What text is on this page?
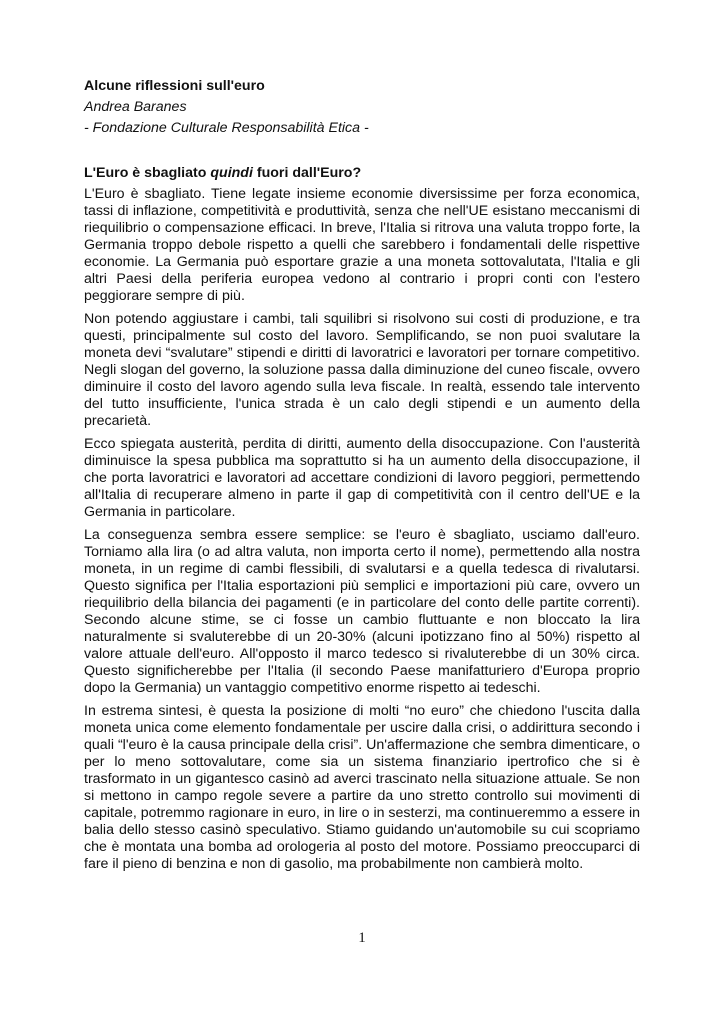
Alcune riflessioni sull'euro
Andrea Baranes
- Fondazione Culturale Responsabilità Etica -
L'Euro è sbagliato quindi fuori dall'Euro?

L'Euro è sbagliato. Tiene legate insieme economie diversissime per forza economica, tassi di inflazione, competitività e produttività, senza che nell'UE esistano meccanismi di riequilibrio o compensazione efficaci. In breve, l'Italia si ritrova una valuta troppo forte, la Germania troppo debole rispetto a quelli che sarebbero i fondamentali delle rispettive economie. La Germania può esportare grazie a una moneta sottovalutata, l'Italia e gli altri Paesi della periferia europea vedono al contrario i propri conti con l'estero peggiorare sempre di più.

Non potendo aggiustare i cambi, tali squilibri si risolvono sui costi di produzione, e tra questi, principalmente sul costo del lavoro. Semplificando, se non puoi svalutare la moneta devi “svalutare” stipendi e diritti di lavoratrici e lavoratori per tornare competitivo. Negli slogan del governo, la soluzione passa dalla diminuzione del cuneo fiscale, ovvero diminuire il costo del lavoro agendo sulla leva fiscale. In realtà, essendo tale intervento del tutto insufficiente, l'unica strada è un calo degli stipendi e un aumento della precarietà.

Ecco spiegata austerità, perdita di diritti, aumento della disoccupazione. Con l'austerità diminuisce la spesa pubblica ma soprattutto si ha un aumento della disoccupazione, il che porta lavoratrici e lavoratori ad accettare condizioni di lavoro peggiori, permettendo all'Italia di recuperare almeno in parte il gap di competitività con il centro dell'UE e la Germania in particolare.

La conseguenza sembra essere semplice: se l'euro è sbagliato, usciamo dall'euro. Torniamo alla lira (o ad altra valuta, non importa certo il nome), permettendo alla nostra moneta, in un regime di cambi flessibili, di svalutarsi e a quella tedesca di rivalutarsi. Questo significa per l'Italia esportazioni più semplici e importazioni più care, ovvero un riequilibrio della bilancia dei pagamenti (e in particolare del conto delle partite correnti). Secondo alcune stime, se ci fosse un cambio fluttuante e non bloccato la lira naturalmente si svaluterebbe di un 20-30% (alcuni ipotizzano fino al 50%) rispetto al valore attuale dell'euro. All'opposto il marco tedesco si rivaluterebbe di un 30% circa. Questo significherebbe per l'Italia (il secondo Paese manifatturiero d'Europa proprio dopo la Germania) un vantaggio competitivo enorme rispetto ai tedeschi.

In estrema sintesi, è questa la posizione di molti “no euro” che chiedono l'uscita dalla moneta unica come elemento fondamentale per uscire dalla crisi, o addirittura secondo i quali “l'euro è la causa principale della crisi”. Un'affermazione che sembra dimenticare, o per lo meno sottovalutare, come sia un sistema finanziario ipertrofico che si è trasformato in un gigantesco casinò ad averci trascinato nella situazione attuale. Se non si mettono in campo regole severe a partire da uno stretto controllo sui movimenti di capitale, potremmo ragionare in euro, in lire o in sesterzi, ma continueremmo a essere in balia dello stesso casinò speculativo. Stiamo guidando un'automobile su cui scopriamo che è montata una bomba ad orologeria al posto del motore. Possiamo preoccuparci di fare il pieno di benzina e non di gasolio, ma probabilmente non cambierà molto.

1
